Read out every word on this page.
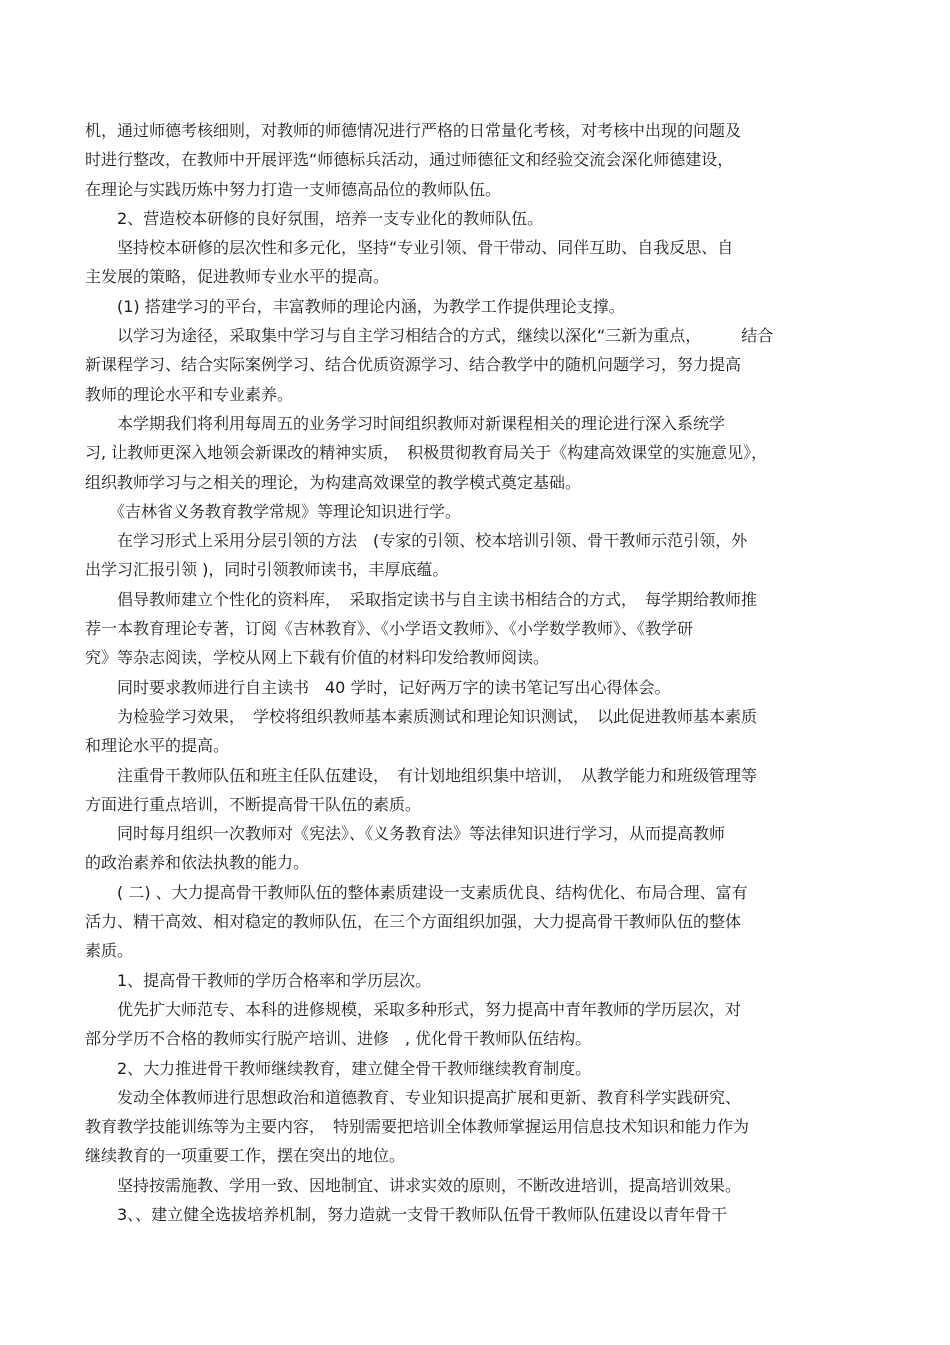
机，通过师德考核细则，对教师的师德情况进行严格的日常量化考核，对考核中出现的问题及
时进行整改，在教师中开展评选“师德标兵活动，通过师德征文和经验交流会深化师德建设，
在理论与实践历炼中努力打造一支师德高品位的教师队伍。
　　2、营造校本研修的良好氛围，培养一支专业化的教师队伍。
　　坚持校本研修的层次性和多元化，坚持“专业引领、骨干带动、同伴互助、自我反思、自
主发展的策略，促进教师专业水平的提高。
　　(1) 搭建学习的平台，丰富教师的理论内涵，为教学工作提供理论支撑。
　　以学习为途径，采取集中学习与自主学习相结合的方式，继续以深化“三新为重点，　　　结合
新课程学习、结合实际案例学习、结合优质资源学习、结合教学中的随机问题学习，努力提高
教师的理论水平和专业素养。
　　本学期我们将利用每周五的业务学习时间组织教师对新课程相关的理论进行深入系统学
习, 让教师更深入地领会新课改的精神实质，　积极贯彻教育局关于《构建高效课堂的实施意见》，
组织教师学习与之相关的理论，为构建高效课堂的教学模式奠定基础。
　　《吉林省义务教育教学常规》等理论知识进行学。
　　在学习形式上采用分层引领的方法　(专家的引领、校本培训引领、骨干教师示范引领，外
出学习汇报引领 )，同时引领教师读书，丰厚底蕴。
　　倡导教师建立个性化的资料库，　采取指定读书与自主读书相结合的方式，　每学期给教师推
荐一本教育理论专著，订阅《吉林教育》、《小学语文教师》、《小学数学教师》、《教学研
究》等杂志阅读，学校从网上下载有价值的材料印发给教师阅读。
　　同时要求教师进行自主读书　40 学时，记好两万字的读书笔记写出心得体会。
　　为检验学习效果，　学校将组织教师基本素质测试和理论知识测试，　以此促进教师基本素质
和理论水平的提高。
　　注重骨干教师队伍和班主任队伍建设，　有计划地组织集中培训，　从教学能力和班级管理等
方面进行重点培训，不断提高骨干队伍的素质。
　　同时每月组织一次教师对《宪法》、《义务教育法》等法律知识进行学习，从而提高教师
的政治素养和依法执教的能力。
　　( 二) 、大力提高骨干教师队伍的整体素质建设一支素质优良、结构优化、布局合理、富有
活力、精干高效、相对稳定的教师队伍，在三个方面组织加强，大力提高骨干教师队伍的整体
素质。
　　1、提高骨干教师的学历合格率和学历层次。
　　优先扩大师范专、本科的进修规模，采取多种形式，努力提高中青年教师的学历层次，对
部分学历不合格的教师实行脱产培训、进修　, 优化骨干教师队伍结构。
　　2、大力推进骨干教师继续教育，建立健全骨干教师继续教育制度。
　　发动全体教师进行思想政治和道德教育、专业知识提高扩展和更新、教育科学实践研究、
教育教学技能训练等为主要内容，　特别需要把培训全体教师掌握运用信息技术知识和能力作为
继续教育的一项重要工作，摆在突出的地位。
　　坚持按需施教、学用一致、因地制宜、讲求实效的原则，不断改进培训，提高培训效果。
　　3、、建立健全选拔培养机制，努力造就一支骨干教师队伍骨干教师队伍建设以青年骨干
